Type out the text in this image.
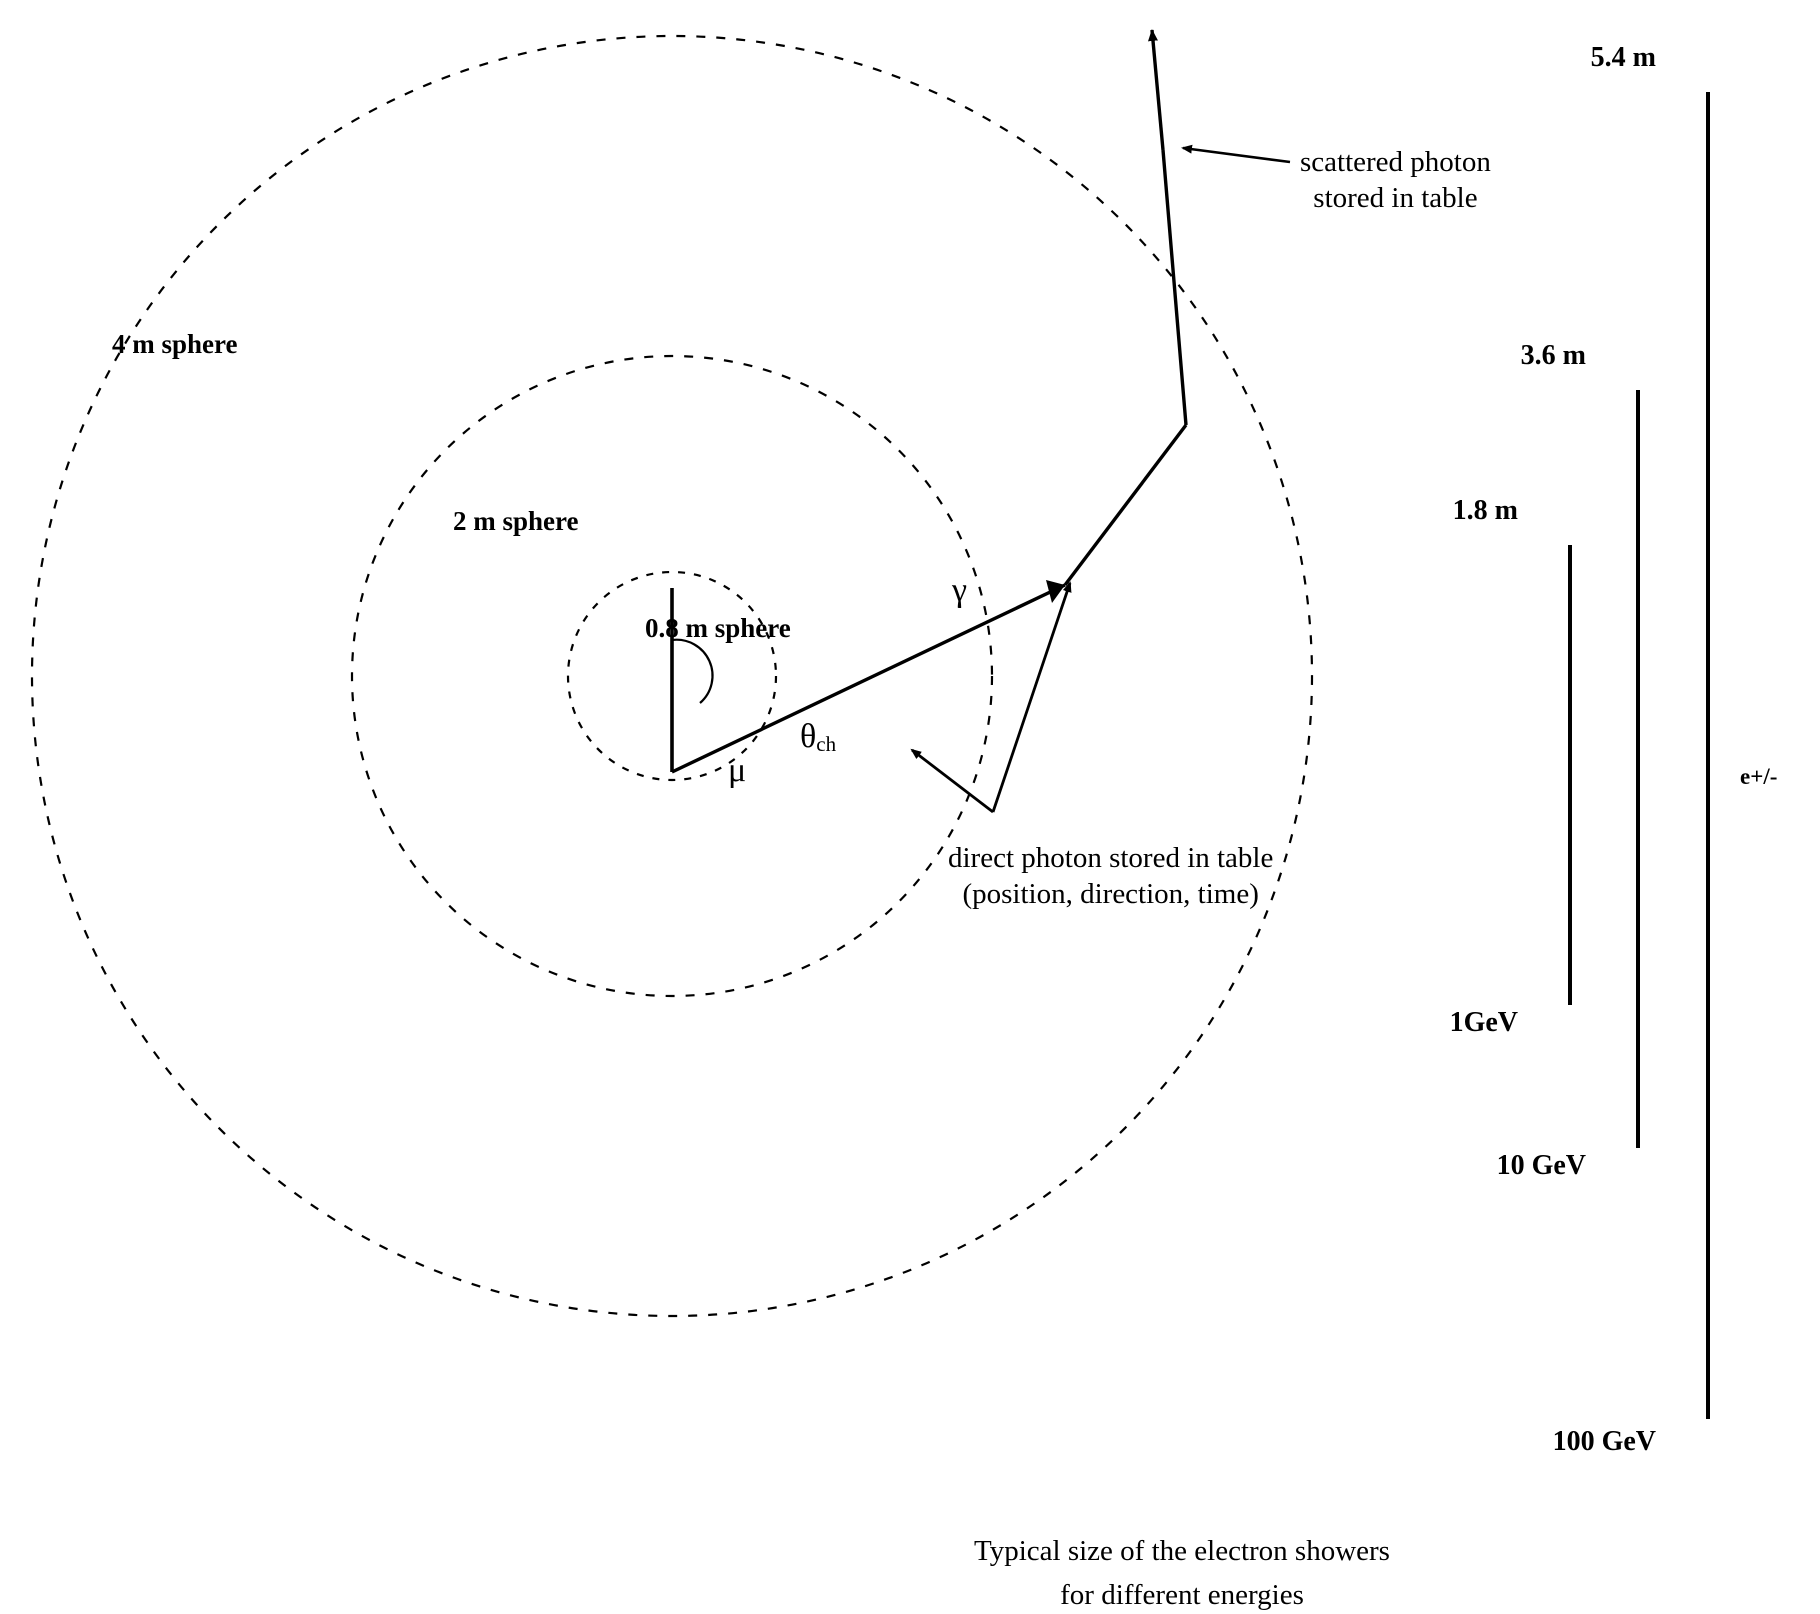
4 m sphere
2 m sphere
0.8 m sphere
μ
γ
θch
scattered photon
stored in table
direct photon stored in table
(position, direction, time)
5.4 m
3.6 m
1.8 m
1GeV
10 GeV
100 GeV
e+/-
Typical size of the electron showers
for different energies
